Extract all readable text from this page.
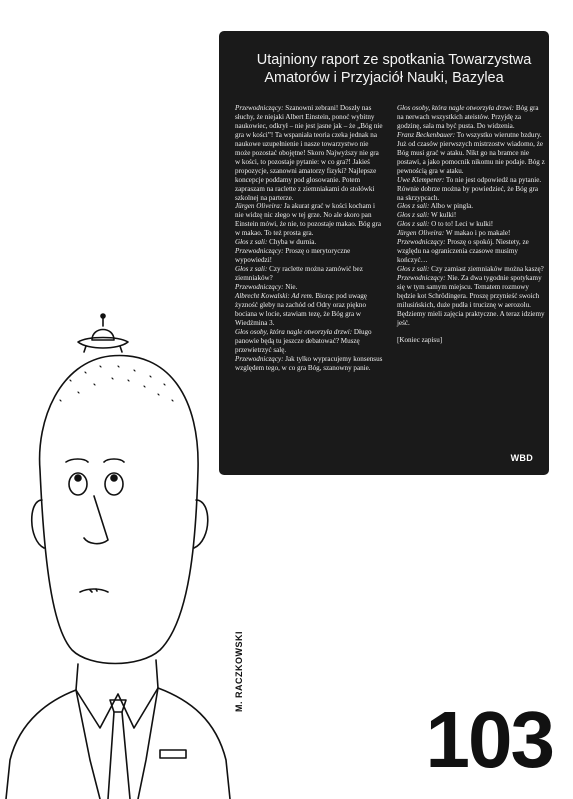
M. RACZKOWSKI
Utajniony raport ze spotkania Towarzystwa
Amatorów i Przyjaciół Nauki, Bazylea

Przewodniczący: Szanowni zebrani! Doszły nas słuchy, że niejaki Albert Einstein, ponoć wybitny naukowiec, odkrył – nie jest jasne jak – że „Bóg nie gra w kości”! Ta wspaniała teoria czeka jednak na naukowe uzupełnienie i nasze towarzystwo nie może pozostać obojętne! Skoro Najwyższy nie gra w kości, to pozostaje pytanie: w co gra?! Jakieś propozycje, szanowni amatorzy fizyki? Najlepsze koncepcje poddamy pod głosowanie. Potem zapraszam na raclette z ziemniakami do stołówki szkolnej na parterze.

Jürgen Oliveira: Ja akurat grać w kości kocham i nie widzę nic złego w tej grze. No ale skoro pan Einstein mówi, że nie, to pozostaje makao. Bóg gra w makao. To też prosta gra.

Głos z sali: Chyba w durnia.

Przewodniczący: Proszę o merytoryczne wypowiedzi!

Głos z sali: Czy raclette można zamówić bez ziemniaków?

Przewodniczący: Nie.

Albrecht Kowalski: Ad rem. Biorąc pod uwagę żyzność gleby na zachód od Odry oraz piękno bociana w locie, stawiam tezę, że Bóg gra w Wiedźmina 3.

Głos osoby, która nagle otworzyła drzwi: Długo panowie będą tu jeszcze debatować? Muszę przewietrzyć salę.

Przewodniczący: Jak tylko wypracujemy konsensus względem tego, w co gra Bóg, szanowny panie.

Głos osoby, która nagle otworzyła drzwi: Bóg gra na nerwach wszystkich ateistów. Przyjdę za godzinę, sala ma być pusta. Do widzenia.

Franz Beckenbauer: To wszystko wierutne bzdury. Już od czasów pierwszych mistrzostw wiadomo, że Bóg musi grać w ataku. Nikt go na bramce nie postawi, a jako pomocnik nikomu nie podaje. Bóg z pewnością gra w ataku.

Uwe Klemperer: To nie jest odpowiedź na pytanie. Równie dobrze można by powiedzieć, że Bóg gra na skrzypcach.

Głos z sali: Albo w pingla.

Głos z sali: W kulki!

Głos z sali: O to to! Leci w kulki!

Jürgen Oliveira: W makao i po makale!

Przewodniczący: Proszę o spokój. Niestety, ze względu na ograniczenia czasowe musimy kończyć…

Głos z sali: Czy zamiast ziemniaków można kaszę?

Przewodniczący: Nie. Za dwa tygodnie spotykamy się w tym samym miejscu. Tematem rozmowy będzie kot Schrödingera. Proszę przynieść swoich milusińskich, duże pudła i truciznę w aerozolu. Będziemy mieli zajęcia praktyczne. A teraz idziemy jeść.

[Koniec zapisu]

WBD
103
